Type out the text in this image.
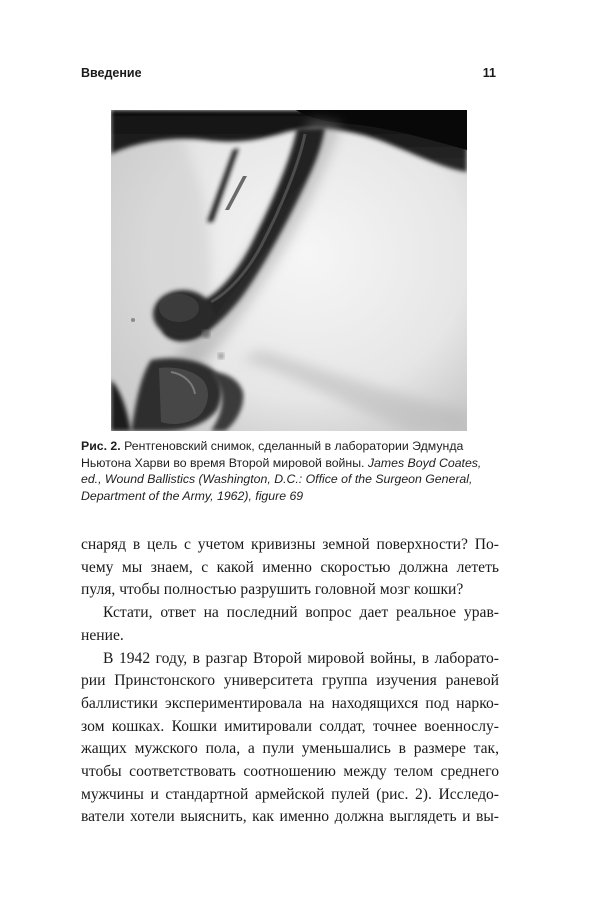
Введение	11
Рис. 2. Рентгеновский снимок, сделанный в лаборатории Эдмунда Ньютона Харви во время Второй мировой войны. James Boyd Coates, ed., Wound Ballistics (Washington, D.C.: Office of the Surgeon General, Department of the Army, 1962), figure 69
снаряд в цель с учетом кривизны земной поверхности? По-
чему мы знаем, с какой именно скоростью должна лететь
пуля, чтобы полностью разрушить головной мозг кошки?
Кстати, ответ на последний вопрос дает реальное урав-
нение.
В 1942 году, в разгар Второй мировой войны, в лаборато-
рии Принстонского университета группа изучения раневой
баллистики экспериментировала на находящихся под нарко-
зом кошках. Кошки имитировали солдат, точнее военнослу-
жащих мужского пола, а пули уменьшались в размере так,
чтобы соответствовать соотношению между телом среднего
мужчины и стандартной армейской пулей (рис. 2). Исследо-
ватели хотели выяснить, как именно должна выглядеть и вы-
